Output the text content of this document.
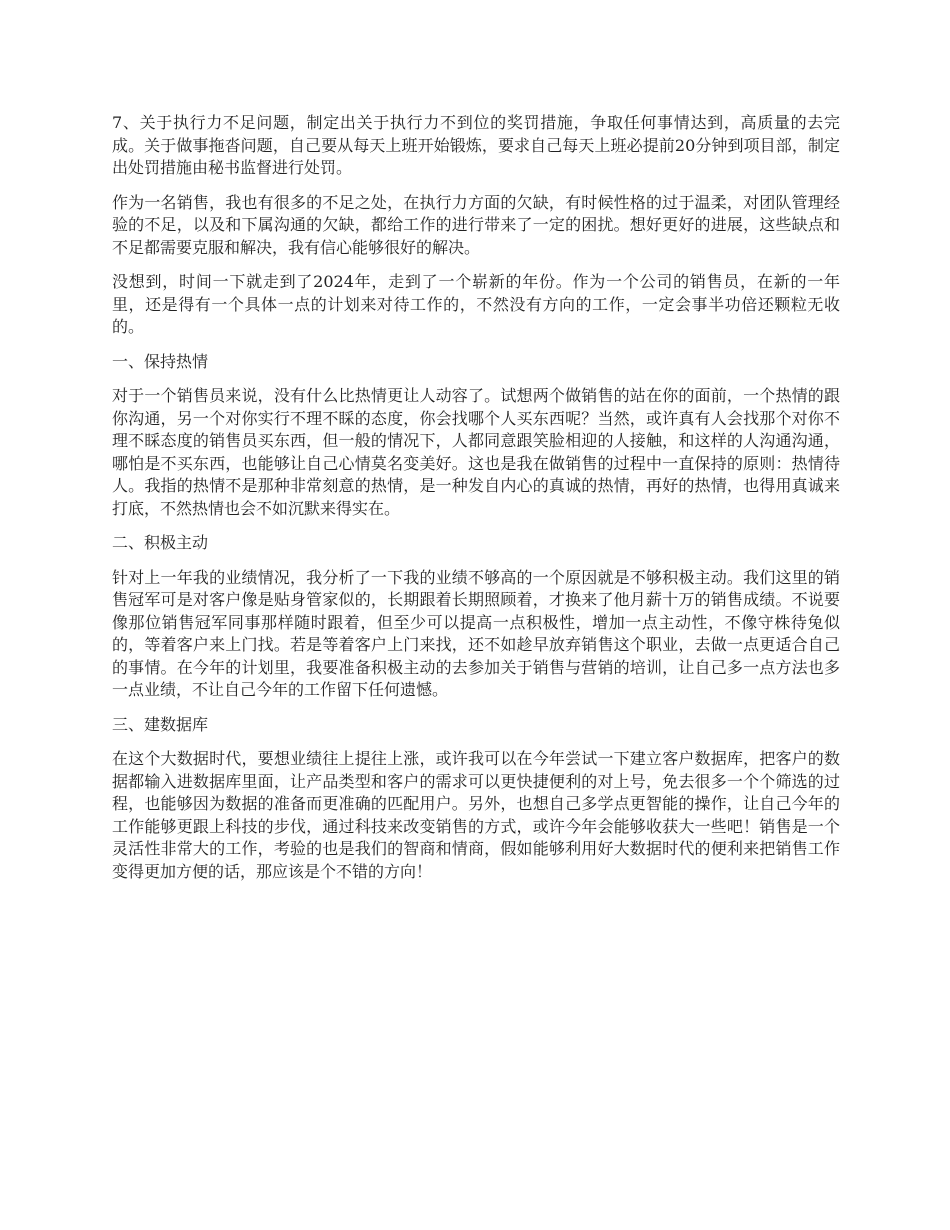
7、关于执行力不足问题，制定出关于执行力不到位的奖罚措施，争取任何事情达到，高质量的去完成。关于做事拖沓问题，自己要从每天上班开始锻炼，要求自己每天上班必提前20分钟到项目部，制定出处罚措施由秘书监督进行处罚。

作为一名销售，我也有很多的不足之处，在执行力方面的欠缺，有时候性格的过于温柔，对团队管理经验的不足，以及和下属沟通的欠缺，都给工作的进行带来了一定的困扰。想好更好的进展，这些缺点和不足都需要克服和解决，我有信心能够很好的解决。

没想到，时间一下就走到了2024年，走到了一个崭新的年份。作为一个公司的销售员，在新的一年里，还是得有一个具体一点的计划来对待工作的，不然没有方向的工作，一定会事半功倍还颗粒无收的。

一、保持热情

对于一个销售员来说，没有什么比热情更让人动容了。试想两个做销售的站在你的面前，一个热情的跟你沟通，另一个对你实行不理不睬的态度，你会找哪个人买东西呢？当然，或许真有人会找那个对你不理不睬态度的销售员买东西，但一般的情况下，人都同意跟笑脸相迎的人接触，和这样的人沟通沟通，哪怕是不买东西，也能够让自己心情莫名变美好。这也是我在做销售的过程中一直保持的原则：热情待人。我指的热情不是那种非常刻意的热情，是一种发自内心的真诚的热情，再好的热情，也得用真诚来打底，不然热情也会不如沉默来得实在。

二、积极主动

针对上一年我的业绩情况，我分析了一下我的业绩不够高的一个原因就是不够积极主动。我们这里的销售冠军可是对客户像是贴身管家似的，长期跟着长期照顾着，才换来了他月薪十万的销售成绩。不说要像那位销售冠军同事那样随时跟着，但至少可以提高一点积极性，增加一点主动性，不像守株待兔似的，等着客户来上门找。若是等着客户上门来找，还不如趁早放弃销售这个职业，去做一点更适合自己的事情。在今年的计划里，我要准备积极主动的去参加关于销售与营销的培训，让自己多一点方法也多一点业绩，不让自己今年的工作留下任何遗憾。

三、建数据库

在这个大数据时代，要想业绩往上提往上涨，或许我可以在今年尝试一下建立客户数据库，把客户的数据都输入进数据库里面，让产品类型和客户的需求可以更快捷便利的对上号，免去很多一个个筛选的过程，也能够因为数据的准备而更准确的匹配用户。另外，也想自己多学点更智能的操作，让自己今年的工作能够更跟上科技的步伐，通过科技来改变销售的方式，或许今年会能够收获大一些吧！销售是一个灵活性非常大的工作，考验的也是我们的智商和情商，假如能够利用好大数据时代的便利来把销售工作变得更加方便的话，那应该是个不错的方向！
